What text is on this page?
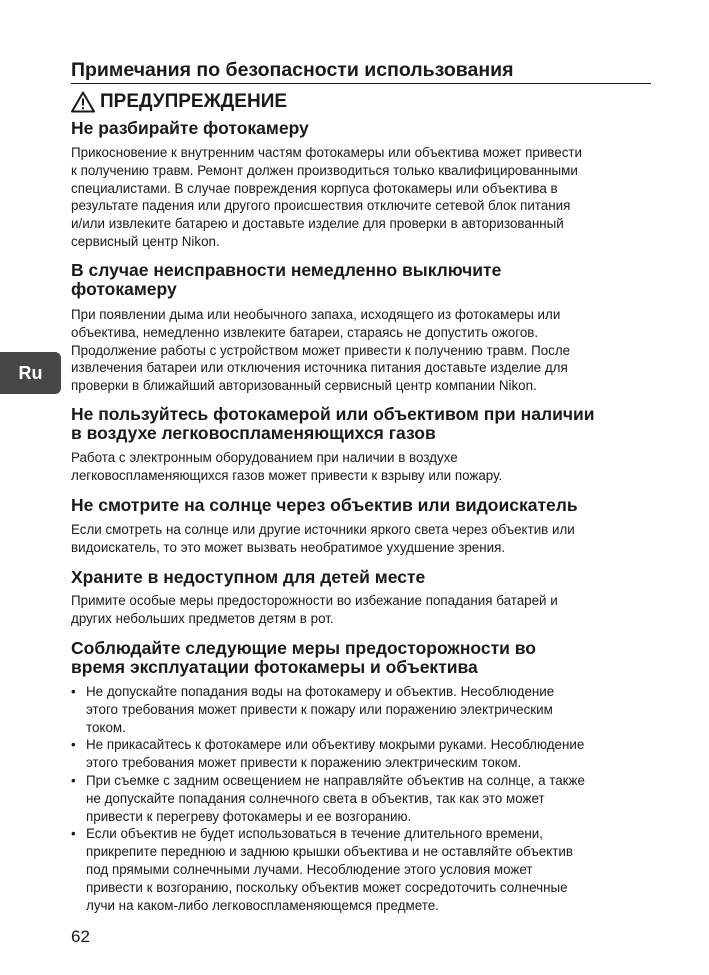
Примечания по безопасности использования
ПРЕДУПРЕЖДЕНИЕ
Ru
Не разбирайте фотокамеру
Прикосновение к внутренним частям фотокамеры или объектива может привести
к получению травм. Ремонт должен производиться только квалифицированными
специалистами. В случае повреждения корпуса фотокамеры или объектива в
результате падения или другого происшествия отключите сетевой блок питания
и/или извлеките батарею и доставьте изделие для проверки в авторизованный
сервисный центр Nikon.
В случае неисправности немедленно выключите
фотокамеру
При появлении дыма или необычного запаха, исходящего из фотокамеры или
объектива, немедленно извлеките батареи, стараясь не допустить ожогов.
Продолжение работы с устройством может привести к получению травм. После
извлечения батареи или отключения источника питания доставьте изделие для
проверки в ближайший авторизованный сервисный центр компании Nikon.
Не пользуйтесь фотокамерой или объективом при наличии
в воздухе легковоспламеняющихся газов
Работа с электронным оборудованием при наличии в воздухе
легковоспламеняющихся газов может привести к взрыву или пожару.
Не смотрите на солнце через объектив или видоискатель
Если смотреть на солнце или другие источники яркого света через объектив или
видоискатель, то это может вызвать необратимое ухудшение зрения.
Храните в недоступном для детей месте
Примите особые меры предосторожности во избежание попадания батарей и
других небольших предметов детям в рот.
Соблюдайте следующие меры предосторожности во
время эксплуатации фотокамеры и объектива
• Не допускайте попадания воды на фотокамеру и объектив. Несоблюдение
этого требования может привести к пожару или поражению электрическим
током.
• Не прикасайтесь к фотокамере или объективу мокрыми руками. Несоблюдение
этого требования может привести к поражению электрическим током.
• При съемке с задним освещением не направляйте объектив на солнце, а также
не допускайте попадания солнечного света в объектив, так как это может
привести к перегреву фотокамеры и ее возгоранию.
• Если объектив не будет использоваться в течение длительного времени,
прикрепите переднюю и заднюю крышки объектива и не оставляйте объектив
под прямыми солнечными лучами. Несоблюдение этого условия может
привести к возгоранию, поскольку объектив может сосредоточить солнечные
лучи на каком-либо легковоспламеняющемся предмете.
62
